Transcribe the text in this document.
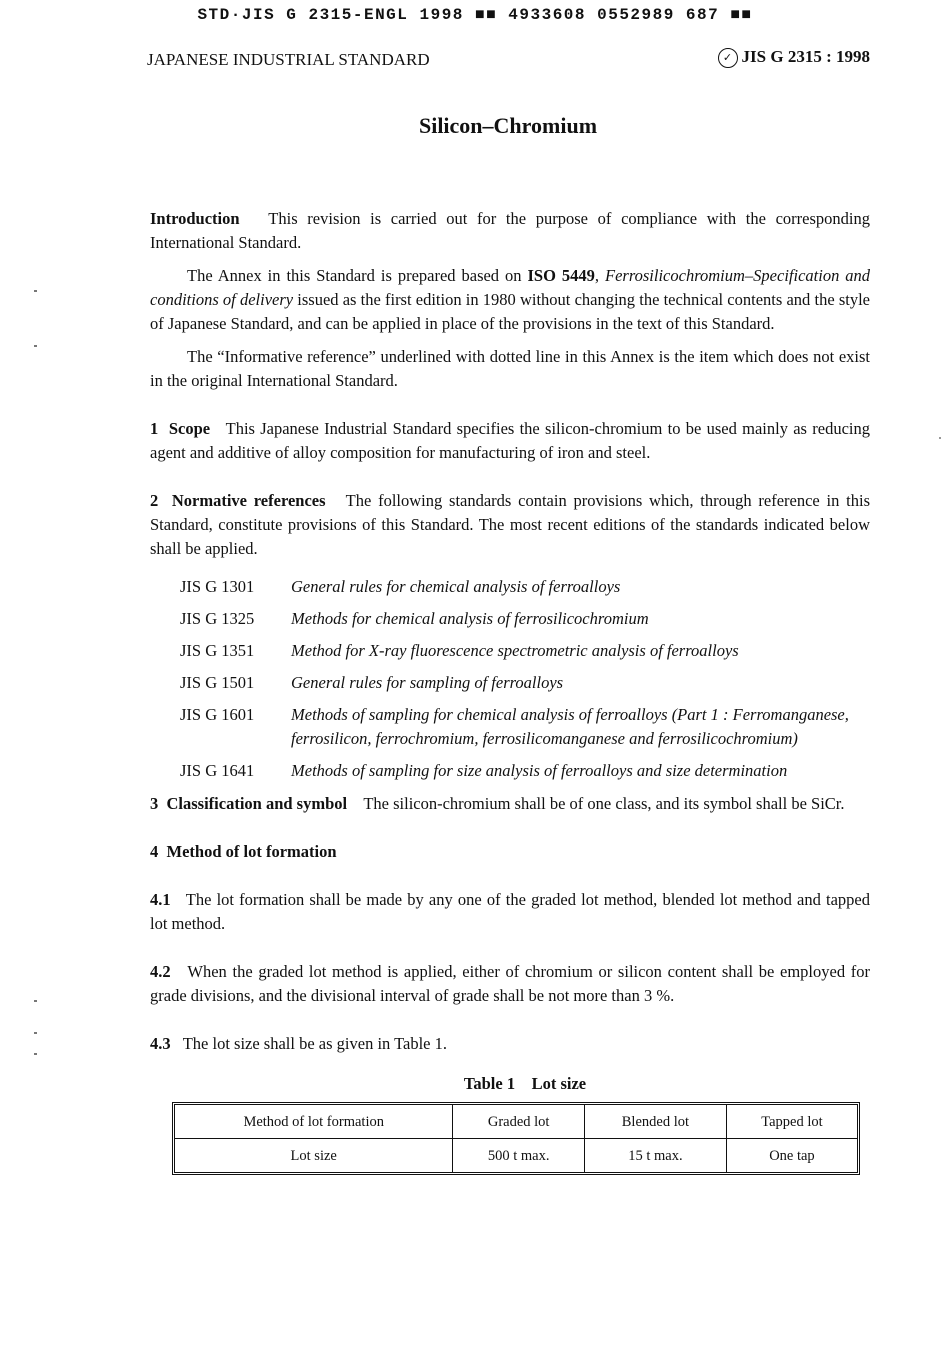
STD·JIS G 2315-ENGL 1998 ■■ 4933608 0552989 687 ■■
JAPANESE INDUSTRIAL STANDARD	✓ JIS G 2315 : 1998
Silicon–Chromium

Introduction This revision is carried out for the purpose of compliance with the corresponding International Standard.

The Annex in this Standard is prepared based on ISO 5449, Ferrosilicochromium–Specification and conditions of delivery issued as the first edition in 1980 without changing the technical contents and the style of Japanese Standard, and can be applied in place of the provisions in the text of this Standard.

The “Informative reference” underlined with dotted line in this Annex is the item which does not exist in the original International Standard.

1 Scope This Japanese Industrial Standard specifies the silicon-chromium to be used mainly as reducing agent and additive of alloy composition for manufacturing of iron and steel.

2 Normative references The following standards contain provisions which, through reference in this Standard, constitute provisions of this Standard. The most recent editions of the standards indicated below shall be applied.

JIS G 1301	General rules for chemical analysis of ferroalloys
JIS G 1325	Methods for chemical analysis of ferrosilicochromium
JIS G 1351	Method for X-ray fluorescence spectrometric analysis of ferroalloys
JIS G 1501	General rules for sampling of ferroalloys
JIS G 1601	Methods of sampling for chemical analysis of ferroalloys (Part 1 : Ferromanganese, ferrosilicon, ferrochromium, ferrosilicomanganese and ferrosilicochromium)
JIS G 1641	Methods of sampling for size analysis of ferroalloys and size determination

3 Classification and symbol The silicon-chromium shall be of one class, and its symbol shall be SiCr.

4 Method of lot formation

4.1 The lot formation shall be made by any one of the graded lot method, blended lot method and tapped lot method.

4.2 When the graded lot method is applied, either of chromium or silicon content shall be employed for grade divisions, and the divisional interval of grade shall be not more than 3 %.

4.3 The lot size shall be as given in Table 1.

Table 1    Lot size
Method of lot formation	Graded lot	Blended lot	Tapped lot
Lot size	500 t max.	15 t max.	One tap
